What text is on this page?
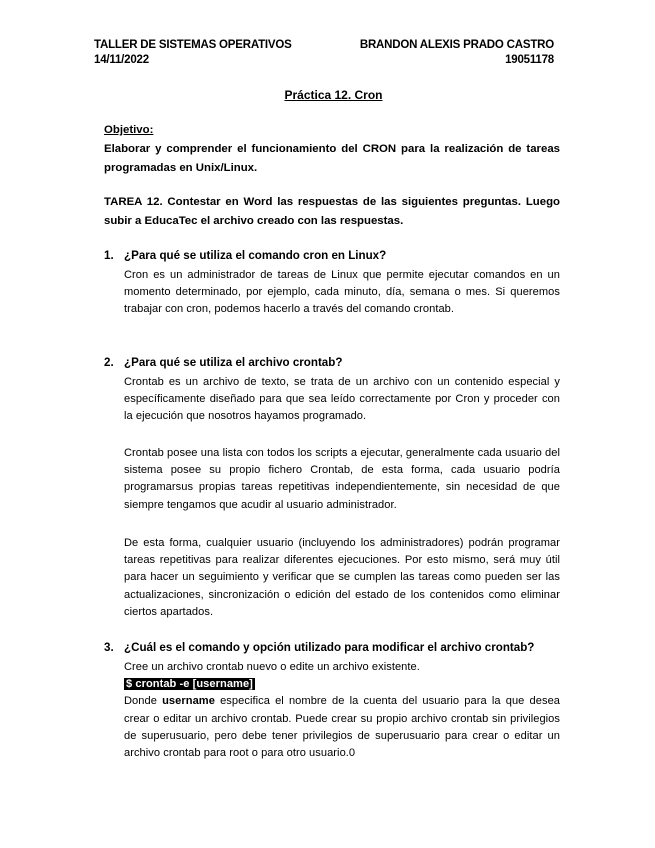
TALLER DE SISTEMAS OPERATIVOS
14/11/2022
BRANDON ALEXIS PRADO CASTRO
19051178
Práctica 12. Cron
Objetivo:
Elaborar y comprender el funcionamiento del CRON para la realización de tareas programadas en Unix/Linux.
TAREA 12. Contestar en Word las respuestas de las siguientes preguntas. Luego subir a EducaTec el archivo creado con las respuestas.
1. ¿Para qué se utiliza el comando cron en Linux?

Cron es un administrador de tareas de Linux que permite ejecutar comandos en un momento determinado, por ejemplo, cada minuto, día, semana o mes. Si queremos trabajar con cron, podemos hacerlo a través del comando crontab.

2. ¿Para qué se utiliza el archivo crontab?

Crontab es un archivo de texto, se trata de un archivo con un contenido especial y específicamente diseñado para que sea leído correctamente por Cron y proceder con la ejecución que nosotros hayamos programado.

Crontab posee una lista con todos los scripts a ejecutar, generalmente cada usuario del sistema posee su propio fichero Crontab, de esta forma, cada usuario podría programarsus propias tareas repetitivas independientemente, sin necesidad de que siempre tengamos que acudir al usuario administrador.

De esta forma, cualquier usuario (incluyendo los administradores) podrán programar tareas repetitivas para realizar diferentes ejecuciones. Por esto mismo, será muy útil para hacer un seguimiento y verificar que se cumplen las tareas como pueden ser las actualizaciones, sincronización o edición del estado de los contenidos como eliminar ciertos apartados.

3. ¿Cuál es el comando y opción utilizado para modificar el archivo crontab?

Cree un archivo crontab nuevo o edite un archivo existente.

$ crontab -e [username]

Donde username especifica el nombre de la cuenta del usuario para la que desea crear o editar un archivo crontab. Puede crear su propio archivo crontab sin privilegios de superusuario, pero debe tener privilegios de superusuario para crear o editar un archivo crontab para root o para otro usuario.0
